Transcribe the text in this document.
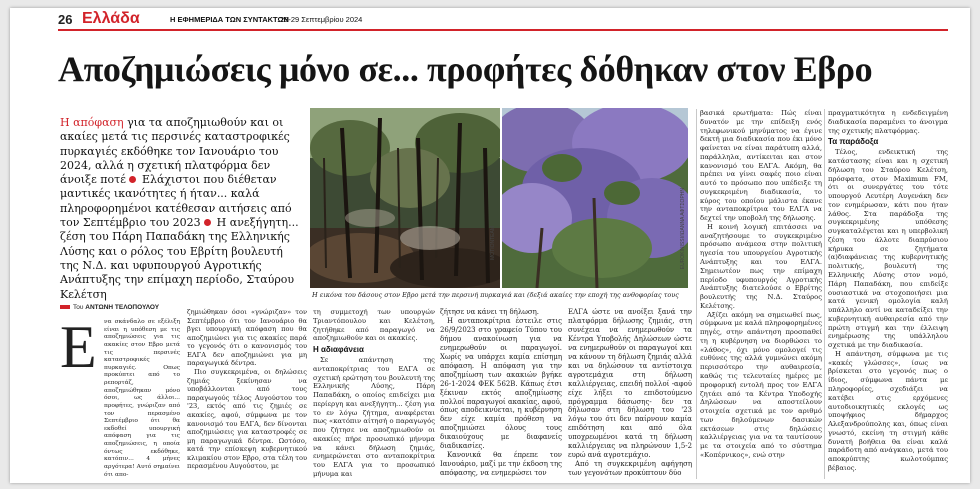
26 Ελλάδα	Η ΕΦΗΜΕΡΙΔΑ ΤΩΝ ΣΥΝΤΑΚΤΩΝ
28-29 Σεπτεμβρίου 2024
Αποζημιώσεις μόνο σε... προφήτες δόθηκαν στον Εβρο
Η απόφαση για τα αποζημιωθούν και οι ακαίες μετά τις περσινές καταστροφικές πυρκαγιές εκδόθηκε τον Ιανουάριο του 2024, αλλά η σχετική πλατφόρμα δεν άνοιξε ποτέ  Ελάχιστοι που διέθεταν μαντικές ικανότητες ή ήταν... καλά πληροφορημένοι κατέθεσαν αιτήσεις από τον Σεπτέμβριο του 2023  Η ανεξήγητη... ζέση του Πάρη Παπαδάκη της Ελληνικής Λύσης και ο ρόλος του Εβρίτη βουλευτή της Ν.Δ. και υφυπουργού Αγροτικής Ανάπτυξης την επίμαχη περίοδο, Σταύρου Κελέτση
ΜΟΤΙΟΝΤΕΑΜ	EUROKINISSI/ΙΩΑΝΝΑ ΑΦΤΣΟΡΗΝ
Η εικόνα του δάσους στον Εβρο μετά την περσινή πυρκαγιά και (δεξιά ακαίες την εποχή της ανθοφορίας τους
Του ΑΝΤΩΝΗ ΤΕΛΟΠΟΥΛΟΥ
Ε	να σκάνδαλο σε εξέλιξη είναι η υπόθεση με τις αποζημιώσεις για τις ακακίες στον Εβρο μετά τις περσινές καταστροφικές πυρκαγιές. Οπως προκύπτει από το ρεπορτάζ, αποζημιώθηκαν μόνο όσοι, ως άλλοι... προφήτες, γνώριζαν από τον περασμένο Σεπτέμβριο ότι θα εκδοθεί υπουργική απόφαση για τις αποζημιώσεις, η οποία όντως εκδόθηκε, κατόπιν... 4 μήνες αργότερα! Αυτό σημαίνει ότι απο-

ζημιώθηκαν όσοι «γνώριζαν» τον Σεπτέμβριο ότι τον Ιανουάριο θα βγει υπουργική απόφαση που θα αποζημιώνει για τις ακακίες παρά το γεγονός ότι ο κανονισμός του ΕΛΓΑ δεν αποζημιώνει για μη παραγωγικά δέντρα.

Πιο συγκεκριμένα, οι δηλώσεις ζημιάς ξεκίνησαν να υποβάλλονται από τους παραγωγούς τέλος Αυγούστου του '23, εκτός από τις ζημιές σε ακακίες, αφού, σύμφωνα με τον κανονισμό του ΕΛΓΑ, δεν δίνονται αποζημιώσεις για καταστροφές σε μη παραγωγικά δέντρα. Ωστόσο, κατά την επίσκεψη κυβερνητικού κλιμακίου στον Εβρο, στα τέλη του περασμένου Αυγούστου, με

τη συμμετοχή των υπουργών Τριαντόπουλου και Κελέτση, ζητήθηκε από παραγωγό να αποζημιωθούν και οι ακακίες.

Η αδιαφάνεια

Σε απάντηση της ανταποκρίτριας του ΕΛΓΑ σε σχετική ερώτηση του βουλευτή της Ελληνικής Λύσης, Πάρη Παπαδάκη, ο οποίος επιδείχει μια περίεργη και ανεξήγητη... ζέση για το εν λόγω ζήτημα, αναφέρεται πως «κατόπιν αίτησή ο παραγωγός που ζήτησε να αποζημιωθούν οι ακακίες πήρε προσωπικό μήνυμα να κάνει δήλωση ζημιάς, ενημερώνεται στο ανταποκρίτρια του ΕΛΓΑ για το προσωπικό μήνυμα και

ζήτησε να κάνει τη δήλωση.

Η ανταποκρίτρια έστειλε στις 26/9/2023 στο γραφείο Τύπου του δήμου ανακοίνωση για να ενημερωθούν οι παραγωγοί. Χωρίς να υπάρχει καμία επίσημη απόφαση. Η απόφαση για την αποζημίωση των ακακιών βγήκε 26-1-2024 ΦΕΚ 562Β. Κάπως έτσι ξέκιναν εκτός αποζημίωσης πολλοί παραγωγοί ακακίας, αφού, όπως αποδεικνύεται, η κυβέρνηση δεν είχε καμία πρόθεση να αποζημιώσει όλους τους δικαιούχους με διαφανείς διαδικασίες.

Κανονικά θα έπρεπε τον Ιανουάριο, μαζί με την έκδοση της απόφασης, να ενημερώσει τον

ΕΛΓΑ ώστε να ανοίξει ξανά την πλατφόρμα δήλωσης ζημιάς, στη συνέχεια να ενημερωθούν τα Κέντρα Υποβολής Δηλώσεων ώστε να ενημερωθούν οι παραγωγοί και να κάνουν τη δήλωση ζημιάς αλλά και να δηλώσουν τα αντίστοιχα αγροτεμάχια στη δήλωση καλλιέργειας, επειδή πολλοί -αφού είχε λήξει το επιδοτούμενο πρόγραμμα δάσωσης- δεν τα δήλωσαν στη δήλωση του '23 λόγω του ότι δεν παίρνουν καμία επιδότηση και από όλα υποχρεωμένοι κατά τη δήλωση καλλιέργειας να πληρώνουν 1,5-2 ευρώ ανά αγροτεμάχιο.

Από τη συγκεκριμένη αφήγηση των γεγονότων προκύπτουν δύο

βασικά ερωτήματα: Πώς είναι δυνατόν με την επίδειξη ενός τηλεφωνικού μηνύματος να έγινε δεκτή μια διαδικασία που έκι μόνο φαίνεται να είναι παράτυπη αλλά, παράλληλα, αντίκειται και στον κανονισμό του ΕΛΓΑ. Ακόμη, θα πρέπει να γίνει σαφές ποιο είναι αυτό το πρόσωπο που υπέδειξε τη συγκεκριμένη διαδικασία, το κύρος του οποίου μάλιστα έκανε την ανταποκρίτρια του ΕΛΓΑ να δεχτεί την υποβολή της δήλωσης.

Η κοινή λογική επιτάσσει να αναζητήσουμε το συγκεκριμένο πρόσωπο ανάμεσα στην πολιτική ηγεσία του υπουργείου Αγροτικής Ανάπτυξης και του ΕΛΓΑ. Σημειωτέον πως την επίμαχη περίοδο υφυπουργός Αγροτικής Ανάπτυξης διατελούσε ο Εβρίτης βουλευτής της Ν.Δ. Σταύρος Κελέτσης.

Αξίζει ακόμη να σημειωθεί πως, σύμφωνα με καλά πληροφορημένες πηγές, στην απάντηση προσπαθεί τη η κυβέρνηση να διορθώσει το «λάθος», όχι μόνο ομολογεί τις ευθύνες της αλλά γυμνώνει ακόμη περισσότερο την αυθαιρεσία, καθώς τις τελευταίες ημέρες με προφορική εντολή προς τον ΕΛΓΑ ζητάει από τα Κέντρα Υποδοχής Δηλώσεων να αποστείλουν στοιχεία σχετικά με τον αριθμό των δηλούμενων δασικών εκτάσεων στις δηλώσεις καλλιέργειας για να τα ταυτίσουν με τα στοιχεία από το σύστημα «Κοπέρνικος», ενώ στην

πραγματικότητα η ενδεδειγμένη διαδικασία παραμένει το άνοιγμα της σχετικής πλατφόρμας.

Τα παράδοξα

Τέλος, ενδεικτική της κατάστασης είναι και η σχετική δήλωση του Σταύρου Κελέτση, πρόσφατα, στον Maximum FM, ότι οι συνεργάτες του τότε υπουργού Λευτέρη Αυγενάκη δεν τον ενημέρωσαν, κάτι που ήταν λάθος. Στα παράδοξα της συγκεκριμένης υπόθεσης συγκαταλέγεται και η υπερβολική ζέση του άλλοτε διαπρύσιου κήρυκα σε ζητήματα (α)διαφάνειας της κυβερνητικής πολιτικής, βουλευτή της Ελληνικής Λύσης στον νομό, Πάρη Παπαδάκη, που επιδείξε ουσιαστικά να στοχοποιήσει μια κατά γενική ομολογία καλή υπάλληλο αντί να καταδείξει την κυβερνητική αυθαιρεσία από την πρώτη στιγμή και την έλλειψη ενημέρωσης της υπάλληλου σχετικά με την διαδικασία.

Η απάντηση, σύμφωνα με τις «κακές γλώσσες», ίσως να βρίσκεται στο γεγονός πως ο ίδιος, σύμφωνα πάντα με πληροφορίες, σχεδιάζει να κατέβει στις ερχόμενες αυτοδιοικητικές εκλογές ως υποψήφιος δήμαρχος Αλεξανδρούπολης και, όπως είναι γνωστό, εκείνη τη στιγμή κάθε δυνατή βοήθεια θα είναι καλά παράδοτη από ανάγκαιο, μετά του αποκρύπτης κωλοτούμπας βέβαιος.
